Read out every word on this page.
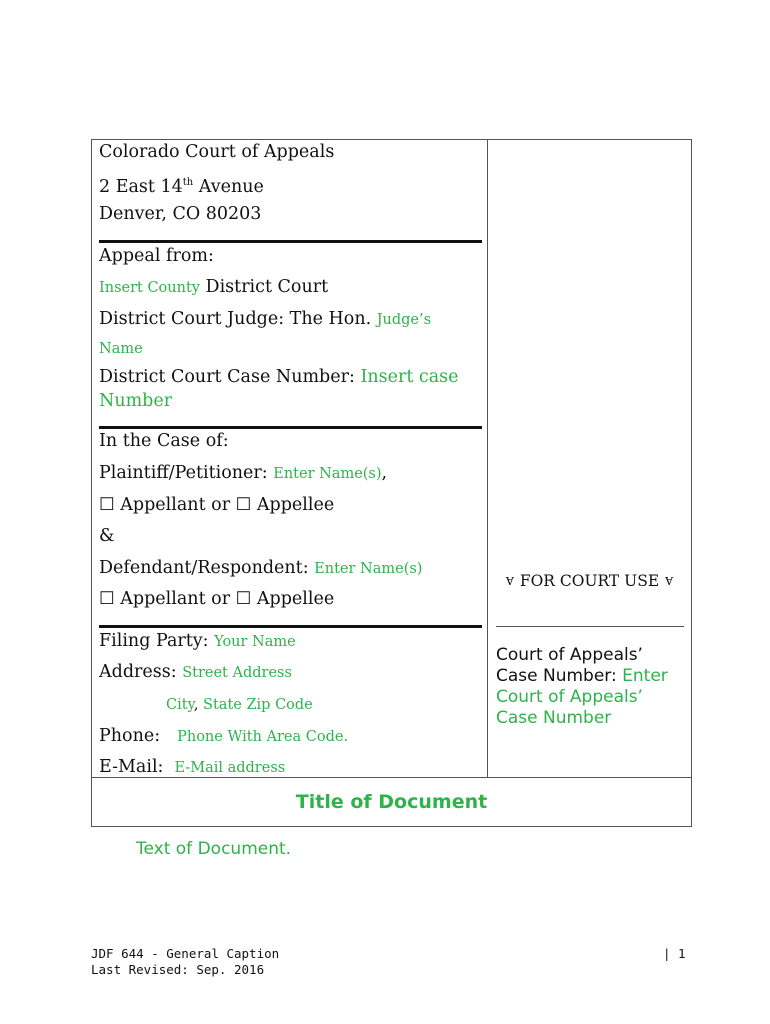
Colorado Court of Appeals
2 East 14th Avenue
Denver, CO 80203
Appeal from:
Insert County District Court
District Court Judge: The Hon. Judge’s
Name
District Court Case Number: Insert case Number
In the Case of:
Plaintiff/Petitioner: Enter Name(s),
☐ Appellant or ☐ Appellee
&
Defendant/Respondent: Enter Name(s)
☐ Appellant or ☐ Appellee
Filing Party: Your Name
Address: Street Address
City, State Zip Code
Phone: Phone With Area Code.
E-Mail: E-Mail address
Ɐ FOR COURT USE Ɐ
Court of Appeals’ Case Number: Enter Court of Appeals’ Case Number
Title of Document
Text of Document.
JDF 644 - General Caption
Last Revised: Sep. 2016
| 1
